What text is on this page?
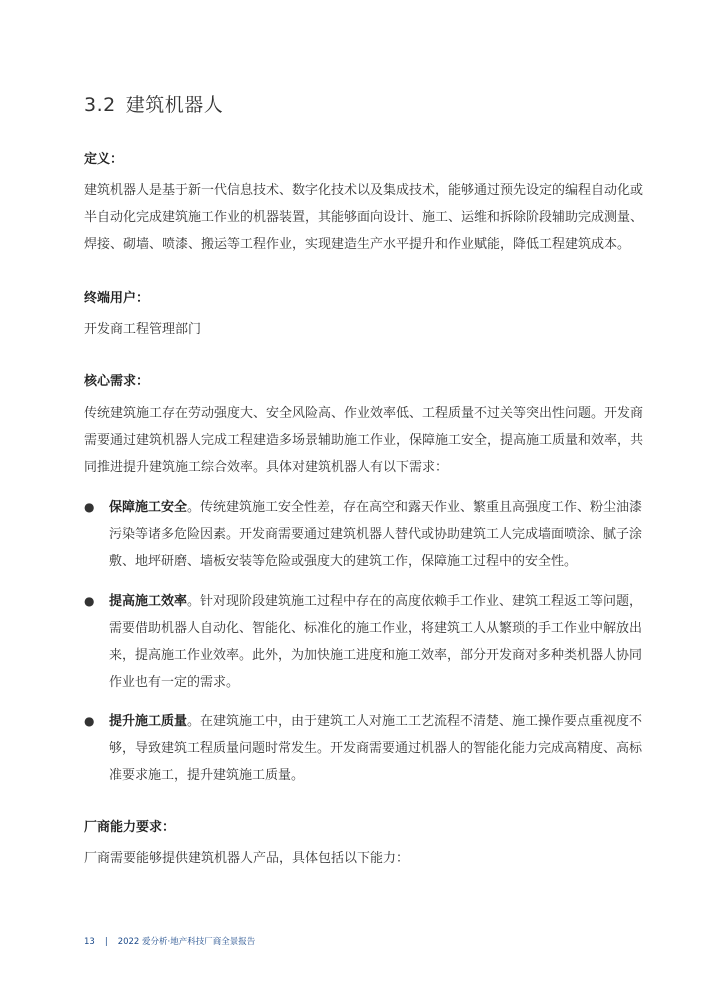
3.2 建筑机器人
定义：
建筑机器人是基于新一代信息技术、数字化技术以及集成技术，能够通过预先设定的编程自动化或
半自动化完成建筑施工作业的机器装置，其能够面向设计、施工、运维和拆除阶段辅助完成测量、
焊接、砌墙、喷漆、搬运等工程作业，实现建造生产水平提升和作业赋能，降低工程建筑成本。
终端用户：
开发商工程管理部门
核心需求：
传统建筑施工存在劳动强度大、安全风险高、作业效率低、工程质量不过关等突出性问题。开发商
需要通过建筑机器人完成工程建造多场景辅助施工作业，保障施工安全，提高施工质量和效率，共
同推进提升建筑施工综合效率。具体对建筑机器人有以下需求：
● 保障施工安全。传统建筑施工安全性差，存在高空和露天作业、繁重且高强度工作、粉尘油漆
污染等诸多危险因素。开发商需要通过建筑机器人替代或协助建筑工人完成墙面喷涂、腻子涂
敷、地坪研磨、墙板安装等危险或强度大的建筑工作，保障施工过程中的安全性。
● 提高施工效率。针对现阶段建筑施工过程中存在的高度依赖手工作业、建筑工程返工等问题，
需要借助机器人自动化、智能化、标准化的施工作业，将建筑工人从繁琐的手工作业中解放出
来，提高施工作业效率。此外，为加快施工进度和施工效率，部分开发商对多种类机器人协同
作业也有一定的需求。
● 提升施工质量。在建筑施工中，由于建筑工人对施工工艺流程不清楚、施工操作要点重视度不
够，导致建筑工程质量问题时常发生。开发商需要通过机器人的智能化能力完成高精度、高标
准要求施工，提升建筑施工质量。
厂商能力要求：
厂商需要能够提供建筑机器人产品，具体包括以下能力：
13 | 2022 爱分析·地产科技厂商全景报告
